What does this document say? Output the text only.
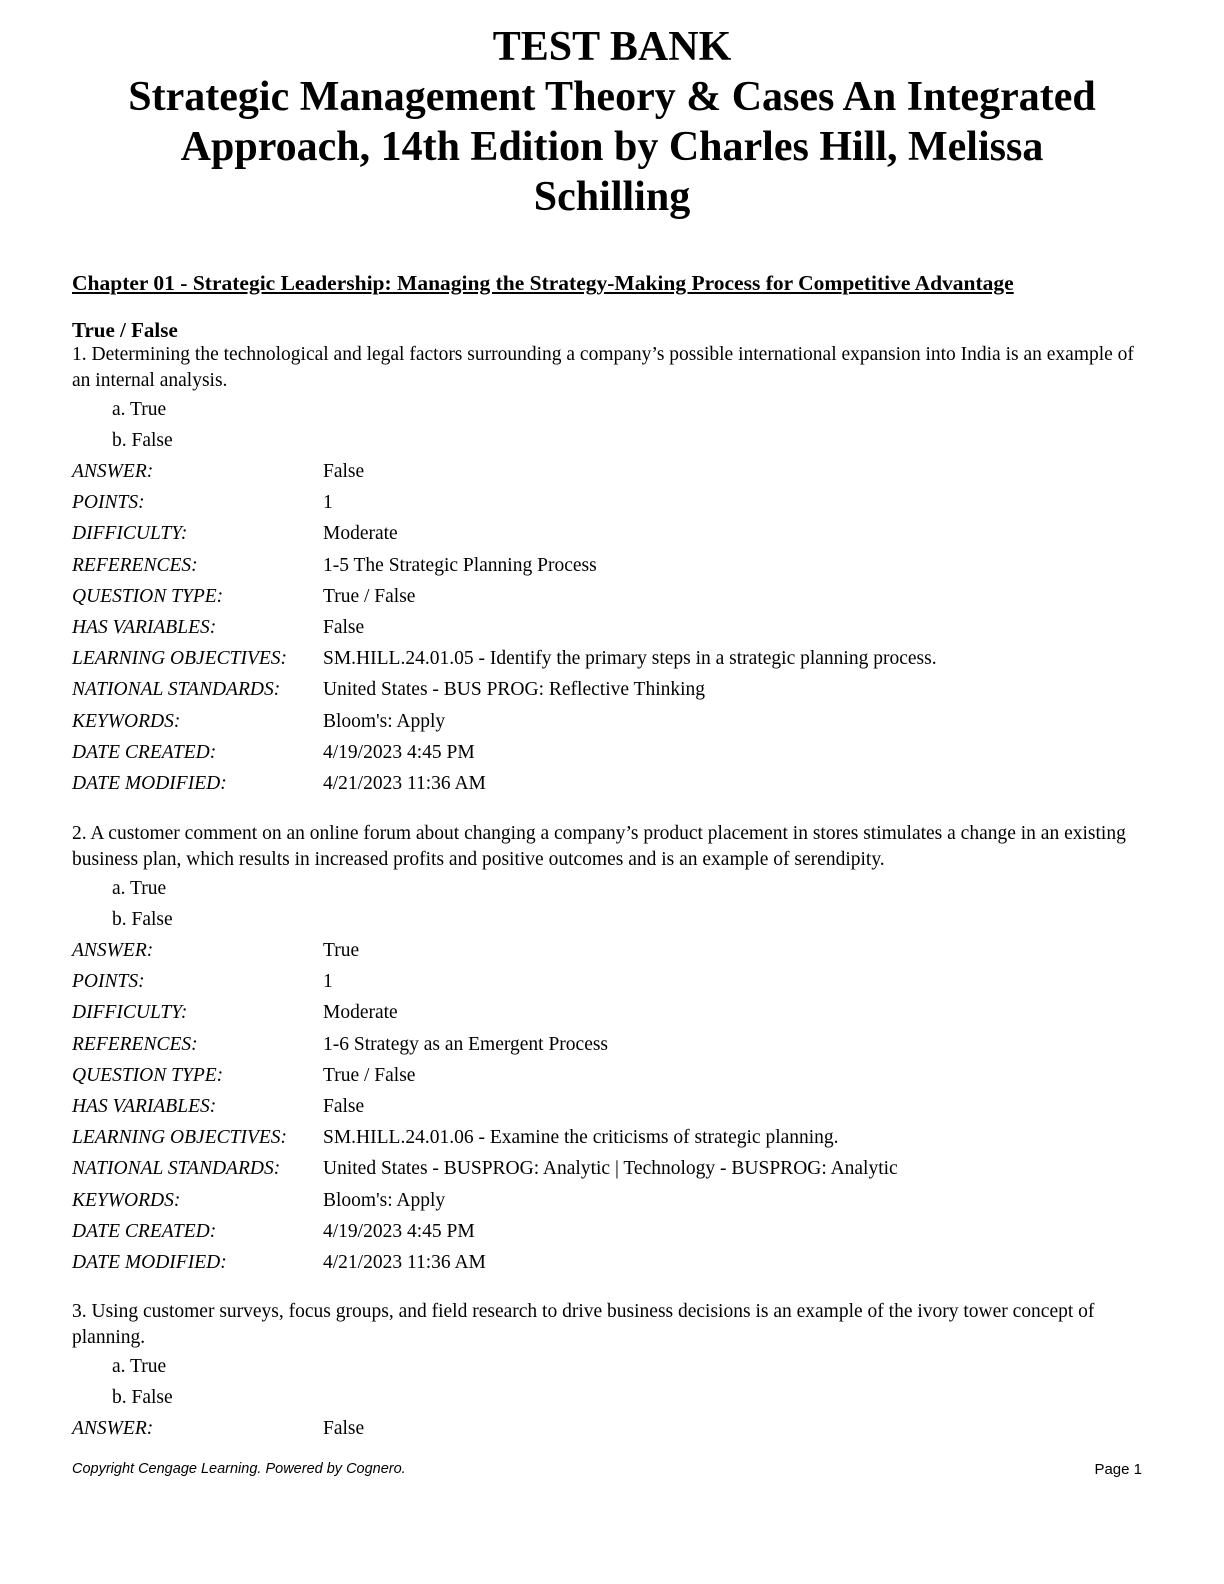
TEST BANK
Strategic Management Theory & Cases An Integrated
Approach, 14th Edition by Charles Hill, Melissa
Schilling
Chapter 01 - Strategic Leadership: Managing the Strategy-Making Process for Competitive Advantage
True / False
1. Determining the technological and legal factors surrounding a company’s possible international expansion into India is an example of an internal analysis.
a. True
b. False
ANSWER:	False
POINTS:	1
DIFFICULTY:	Moderate
REFERENCES:	1-5 The Strategic Planning Process
QUESTION TYPE:	True / False
HAS VARIABLES:	False
LEARNING OBJECTIVES:	SM.HILL.24.01.05 - Identify the primary steps in a strategic planning process.
NATIONAL STANDARDS:	United States - BUS PROG: Reflective Thinking
KEYWORDS:	Bloom's: Apply
DATE CREATED:	4/19/2023 4:45 PM
DATE MODIFIED:	4/21/2023 11:36 AM
2. A customer comment on an online forum about changing a company’s product placement in stores stimulates a change in an existing business plan, which results in increased profits and positive outcomes and is an example of serendipity.
a. True
b. False
ANSWER:	True
POINTS:	1
DIFFICULTY:	Moderate
REFERENCES:	1-6 Strategy as an Emergent Process
QUESTION TYPE:	True / False
HAS VARIABLES:	False
LEARNING OBJECTIVES:	SM.HILL.24.01.06 - Examine the criticisms of strategic planning.
NATIONAL STANDARDS:	United States - BUSPROG: Analytic | Technology - BUSPROG: Analytic
KEYWORDS:	Bloom's: Apply
DATE CREATED:	4/19/2023 4:45 PM
DATE MODIFIED:	4/21/2023 11:36 AM
3. Using customer surveys, focus groups, and field research to drive business decisions is an example of the ivory tower concept of planning.
a. True
b. False
ANSWER:	False
Copyright Cengage Learning. Powered by Cognero.	Page 1
